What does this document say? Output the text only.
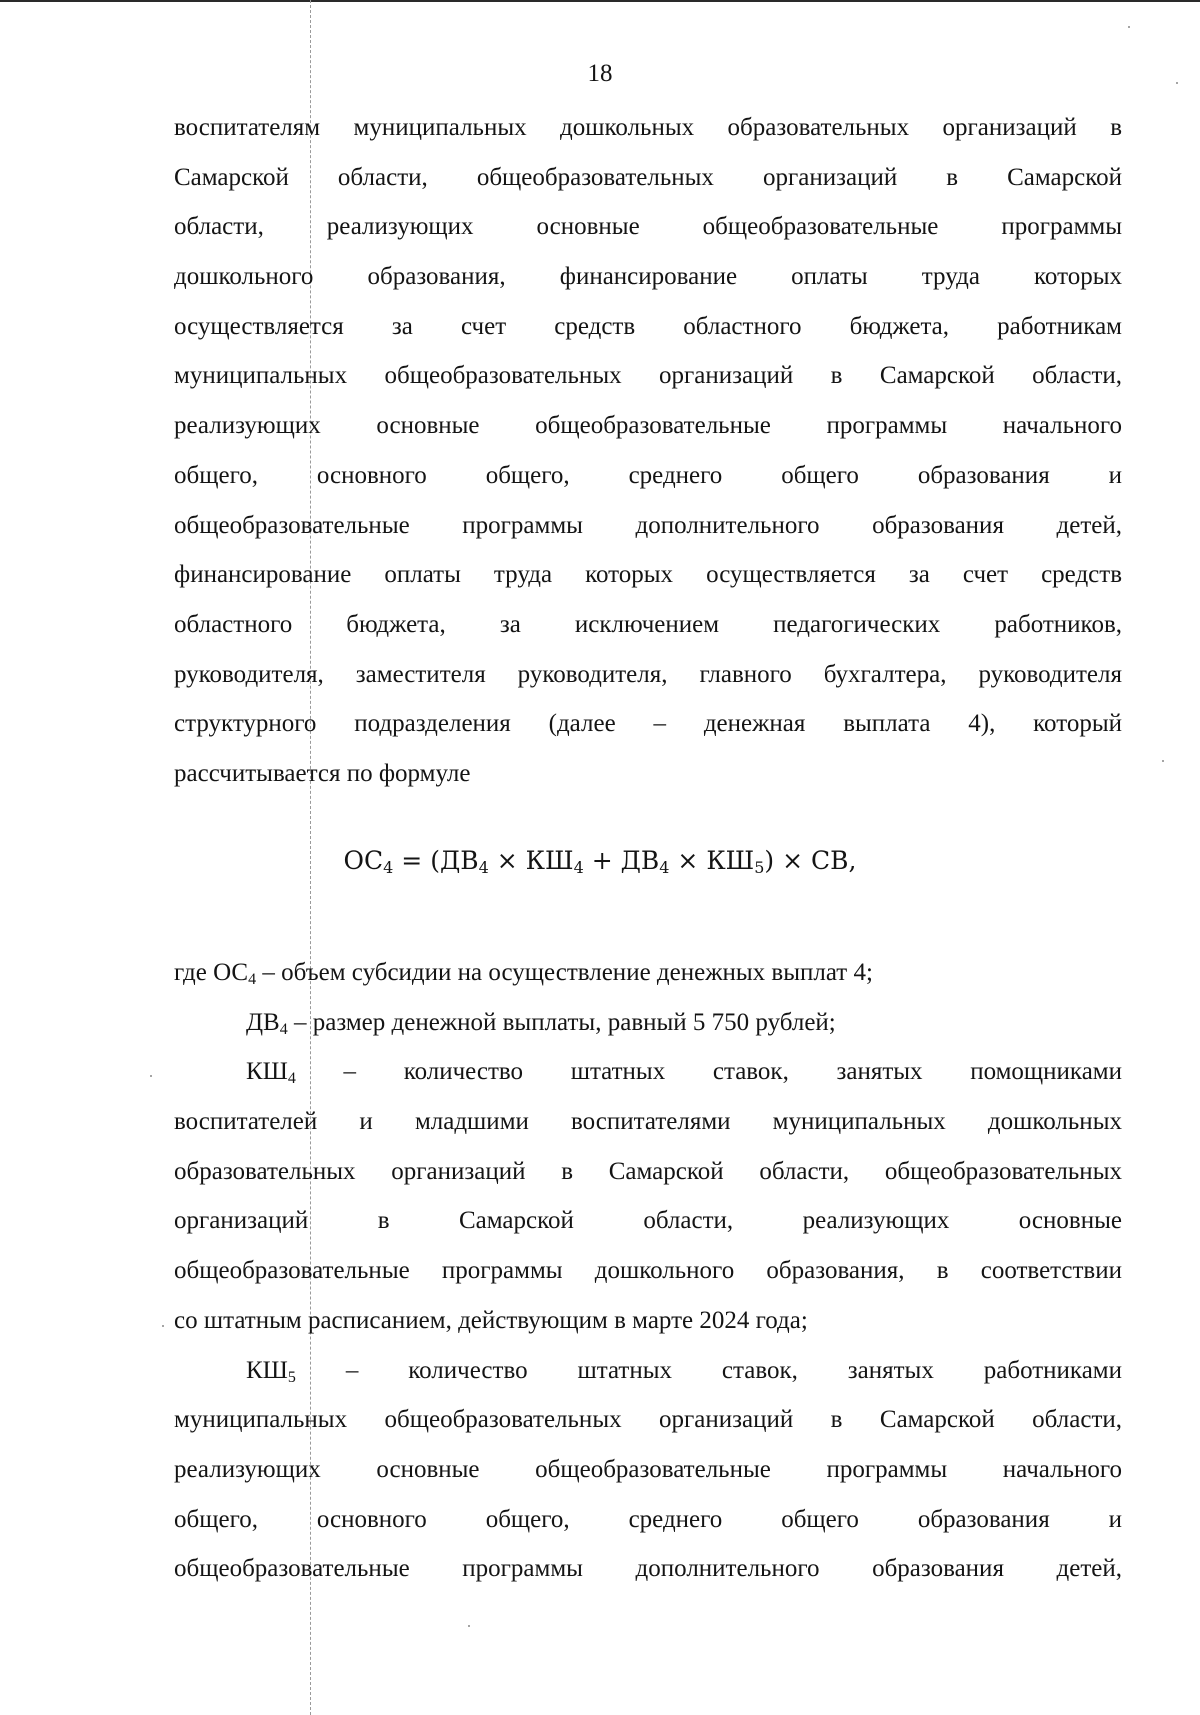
18
воспитателям муниципальных дошкольных образовательных организаций в
Самарской области, общеобразовательных организаций в Самарской
области, реализующих основные общеобразовательные программы
дошкольного образования, финансирование оплаты труда которых
осуществляется за счет средств областного бюджета, работникам
муниципальных общеобразовательных организаций в Самарской области,
реализующих основные общеобразовательные программы начального
общего, основного общего, среднего общего образования и
общеобразовательные программы дополнительного образования детей,
финансирование оплаты труда которых осуществляется за счет средств
областного бюджета, за исключением педагогических работников,
руководителя, заместителя руководителя, главного бухгалтера, руководителя
структурного подразделения (далее – денежная выплата 4), который
рассчитывается по формуле
$ОС_4 = (ДВ_4 \times КШ_4 + ДВ_4 \times КШ_5)$ × СВ,
где $ОС_4$ – объем субсидии на осуществление денежных выплат 4;
$ДВ_4$ – размер денежной выплаты, равный 5 750 рублей;
$КШ_4$ – количество штатных ставок, занятых помощниками
воспитателей и младшими воспитателями муниципальных дошкольных
образовательных организаций в Самарской области, общеобразовательных
организаций в Самарской области, реализующих основные
общеобразовательные программы дошкольного образования, в соответствии
со штатным расписанием, действующим в марте 2024 года;
$КШ_5$ – количество штатных ставок, занятых работниками
муниципальных общеобразовательных организаций в Самарской области,
реализующих основные общеобразовательные программы начального
общего, основного общего, среднего общего образования и
общеобразовательные программы дополнительного образования детей,
